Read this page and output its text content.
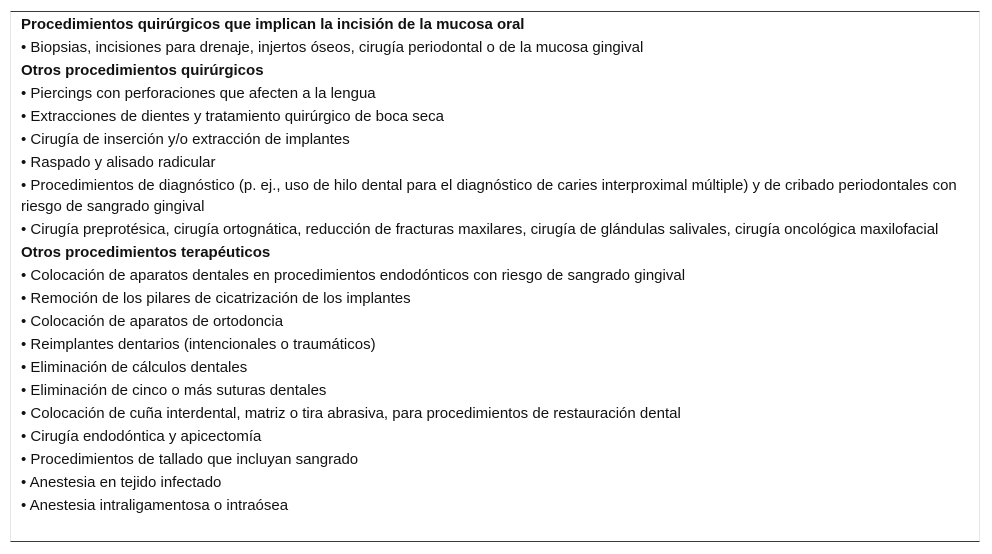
Procedimientos quirúrgicos que implican la incisión de la mucosa oral

• Biopsias, incisiones para drenaje, injertos óseos, cirugía periodontal o de la mucosa gingival

Otros procedimientos quirúrgicos

• Piercings con perforaciones que afecten a la lengua

• Extracciones de dientes y tratamiento quirúrgico de boca seca

• Cirugía de inserción y/o extracción de implantes

• Raspado y alisado radicular

• Procedimientos de diagnóstico (p. ej., uso de hilo dental para el diagnóstico de caries interproximal múltiple) y de cribado periodontales con riesgo de sangrado gingival

• Cirugía preprotésica, cirugía ortognática, reducción de fracturas maxilares, cirugía de glándulas salivales, cirugía oncológica maxilofacial

Otros procedimientos terapéuticos

• Colocación de aparatos dentales en procedimientos endodónticos con riesgo de sangrado gingival

• Remoción de los pilares de cicatrización de los implantes

• Colocación de aparatos de ortodoncia

• Reimplantes dentarios (intencionales o traumáticos)

• Eliminación de cálculos dentales

• Eliminación de cinco o más suturas dentales

• Colocación de cuña interdental, matriz o tira abrasiva, para procedimientos de restauración dental

• Cirugía endodóntica y apicectomía

• Procedimientos de tallado que incluyan sangrado

• Anestesia en tejido infectado

• Anestesia intraligamentosa o intraósea
